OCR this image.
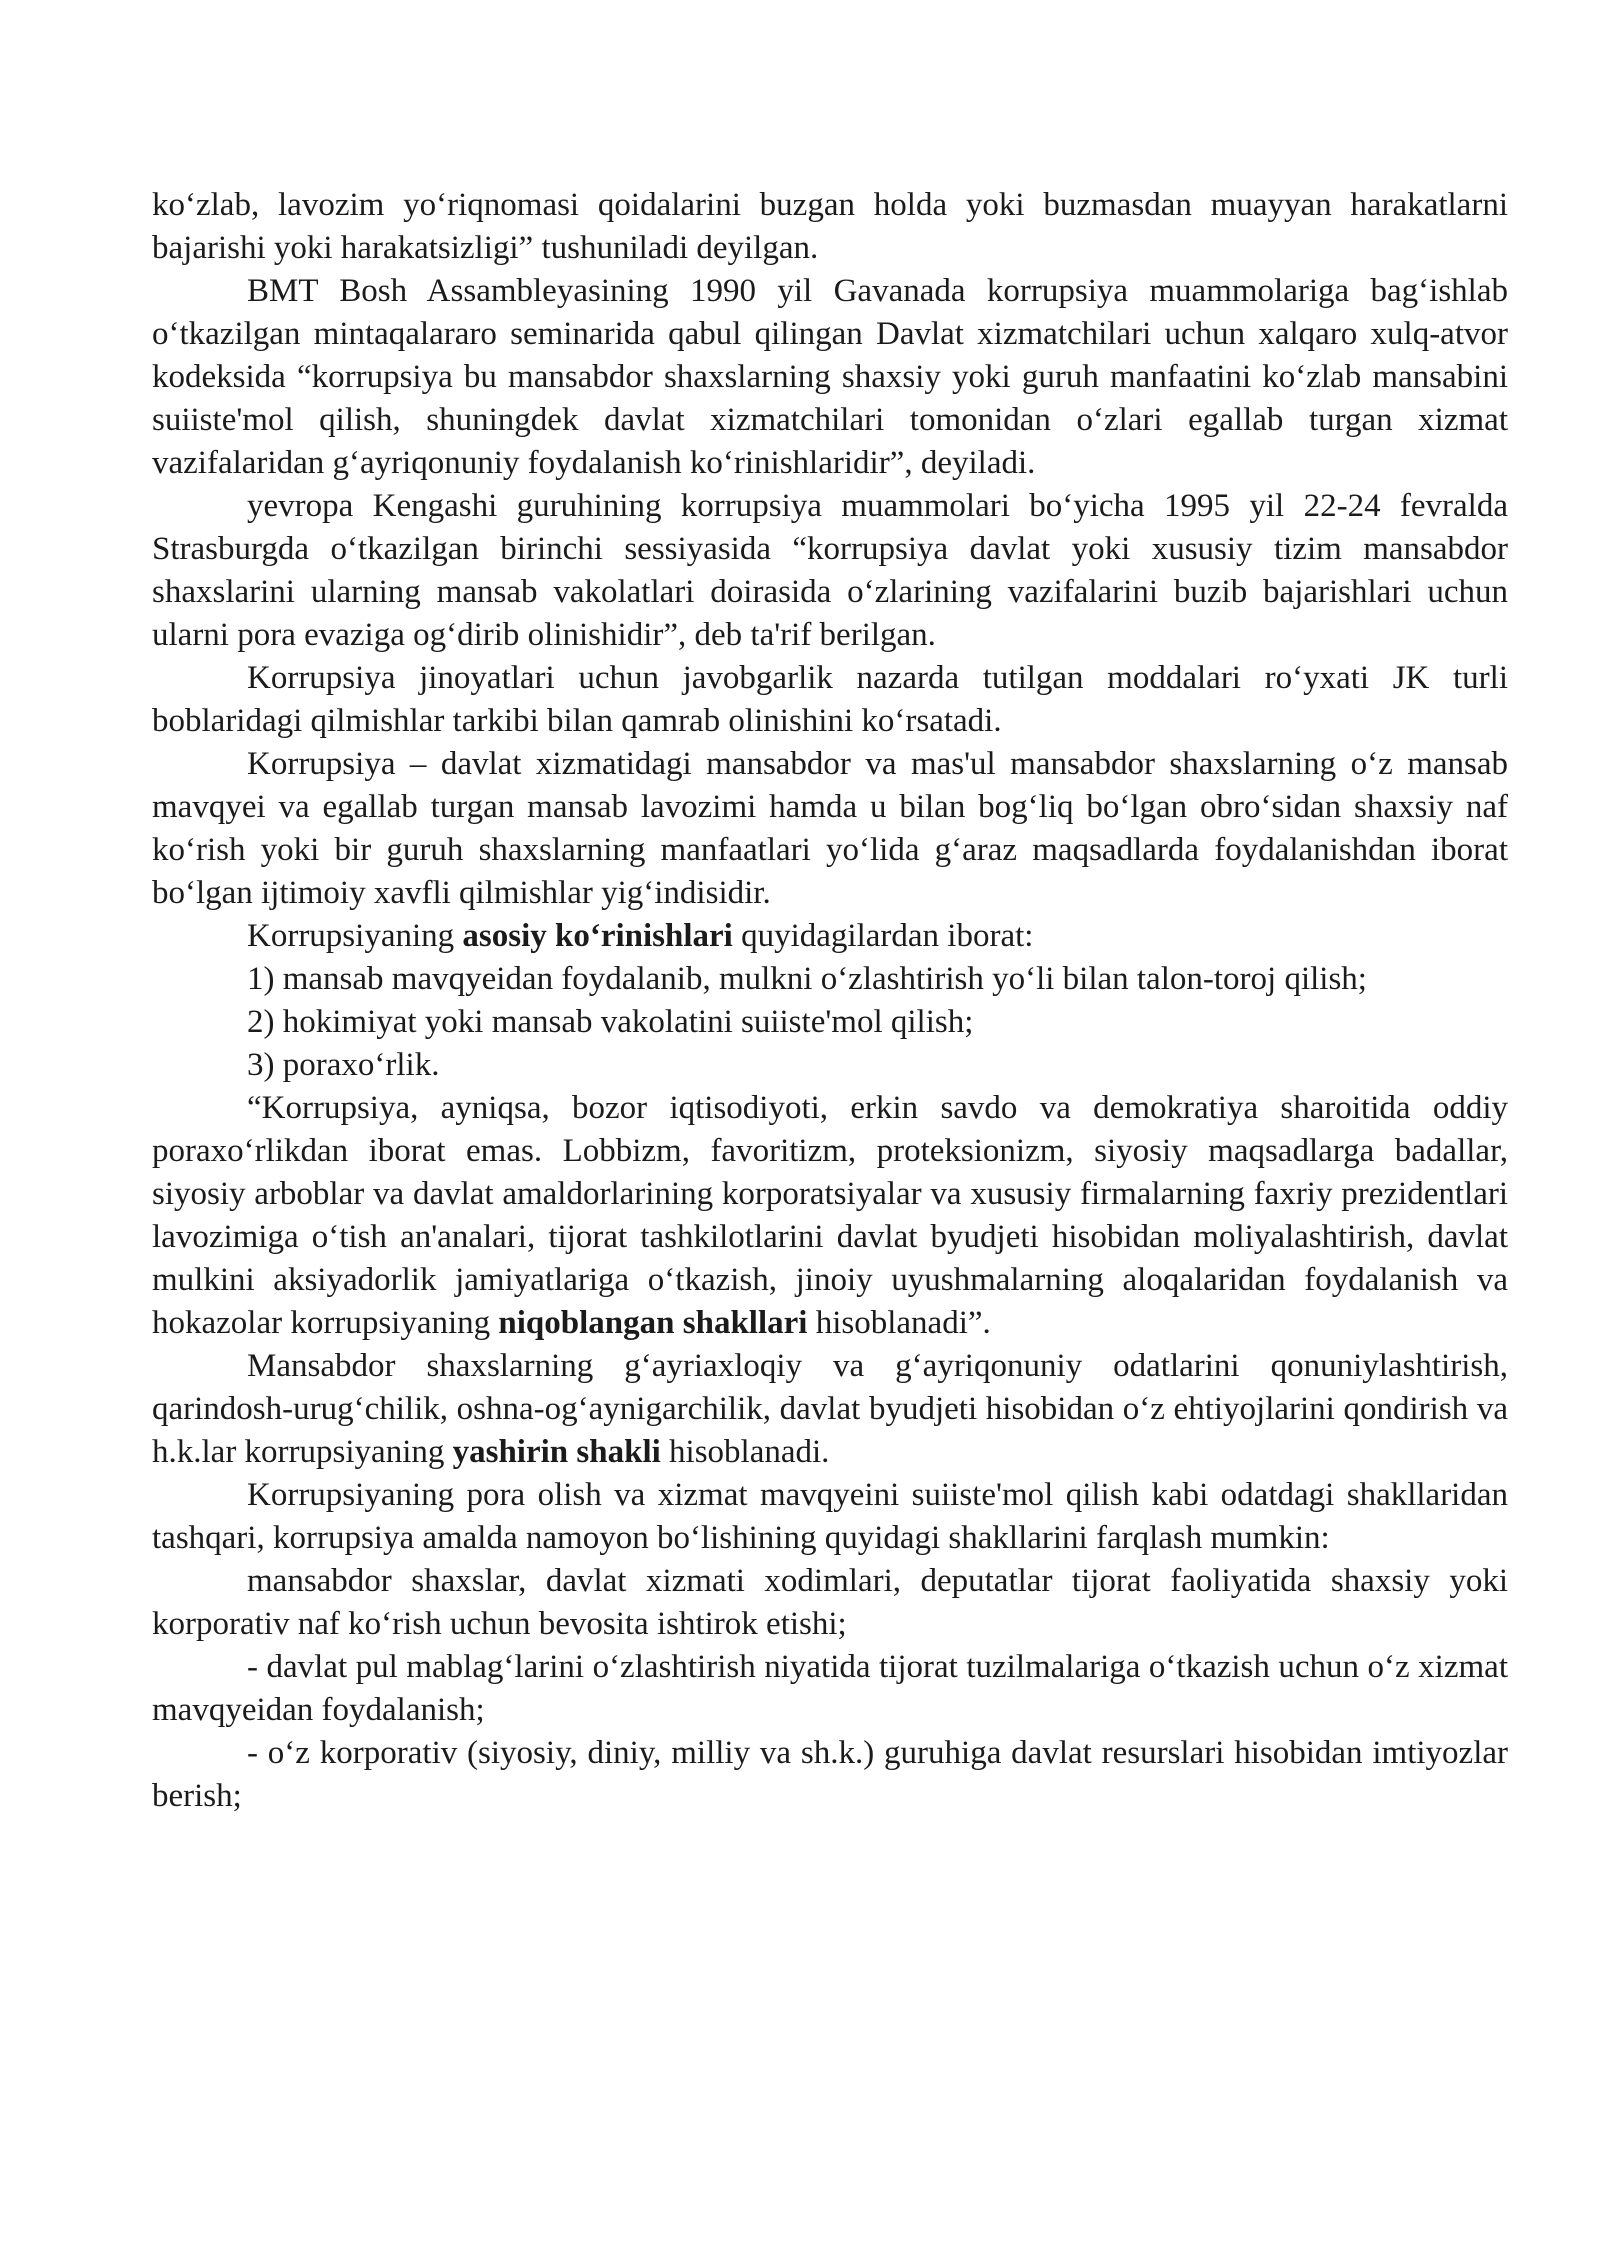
ko‘zlab, lavozim yo‘riqnomasi qoidalarini buzgan holda yoki buzmasdan muayyan harakatlarni bajarishi yoki harakatsizligi” tushuniladi deyilgan.

BMT Bosh Assambleyasining 1990 yil Gavanada korrupsiya muammolariga bag‘ishlab o‘tkazilgan mintaqalararo seminarida qabul qilingan Davlat xizmatchilari uchun xalqaro xulq-atvor kodeksida “korrupsiya bu mansabdor shaxslarning shaxsiy yoki guruh manfaatini ko‘zlab mansabini suiiste'mol qilish, shuningdek davlat xizmatchilari tomonidan o‘zlari egallab turgan xizmat vazifalaridan g‘ayriqonuniy foydalanish ko‘rinishlaridir”, deyiladi.

yevropa Kengashi guruhining korrupsiya muammolari bo‘yicha 1995 yil 22-24 fevralda Strasburgda o‘tkazilgan birinchi sessiyasida “korrupsiya davlat yoki xususiy tizim mansabdor shaxslarini ularning mansab vakolatlari doirasida o‘zlarining vazifalarini buzib bajarishlari uchun ularni pora evaziga og‘dirib olinishidir”, deb ta'rif berilgan.

Korrupsiya jinoyatlari uchun javobgarlik nazarda tutilgan moddalari ro‘yxati JK turli boblaridagi qilmishlar tarkibi bilan qamrab olinishini ko‘rsatadi.

Korrupsiya – davlat xizmatidagi mansabdor va mas'ul mansabdor shaxslarning o‘z mansab mavqyei va egallab turgan mansab lavozimi hamda u bilan bog‘liq bo‘lgan obro‘sidan shaxsiy naf ko‘rish yoki bir guruh shaxslarning manfaatlari yo‘lida g‘araz maqsadlarda foydalanishdan iborat bo‘lgan ijtimoiy xavfli qilmishlar yig‘indisidir.

Korrupsiyaning asosiy ko‘rinishlari quyidagilardan iborat:

1) mansab mavqyeidan foydalanib, mulkni o‘zlashtirish yo‘li bilan talon-toroj qilish;

2) hokimiyat yoki mansab vakolatini suiiste'mol qilish;

3) poraxo‘rlik.

“Korrupsiya, ayniqsa, bozor iqtisodiyoti, erkin savdo va demokratiya sharoitida oddiy poraxo‘rlikdan iborat emas. Lobbizm, favoritizm, proteksionizm, siyosiy maqsadlarga badallar, siyosiy arboblar va davlat amaldorlarining korporatsiyalar va xususiy firmalarning faxriy prezidentlari lavozimiga o‘tish an'analari, tijorat tashkilotlarini davlat byudjeti hisobidan moliyalashtirish, davlat mulkini aksiyadorlik jamiyatlariga o‘tkazish, jinoiy uyushmalarning aloqalaridan foydalanish va hokazolar korrupsiyaning niqoblangan shakllari hisoblanadi”.

Mansabdor shaxslarning g‘ayriaxloqiy va g‘ayriqonuniy odatlarini qonuniylashtirish, qarindosh-urug‘chilik, oshna-og‘aynigarchilik, davlat byudjeti hisobidan o‘z ehtiyojlarini qondirish va h.k.lar korrupsiyaning yashirin shakli hisoblanadi.

Korrupsiyaning pora olish va xizmat mavqyeini suiiste'mol qilish kabi odatdagi shakllaridan tashqari, korrupsiya amalda namoyon bo‘lishining quyidagi shakllarini farqlash mumkin:

mansabdor shaxslar, davlat xizmati xodimlari, deputatlar tijorat faoliyatida shaxsiy yoki korporativ naf ko‘rish uchun bevosita ishtirok etishi;

- davlat pul mablag‘larini o‘zlashtirish niyatida tijorat tuzilmalariga o‘tkazish uchun o‘z xizmat mavqyeidan foydalanish;

- o‘z korporativ (siyosiy, diniy, milliy va sh.k.) guruhiga davlat resurslari hisobidan imtiyozlar berish;
